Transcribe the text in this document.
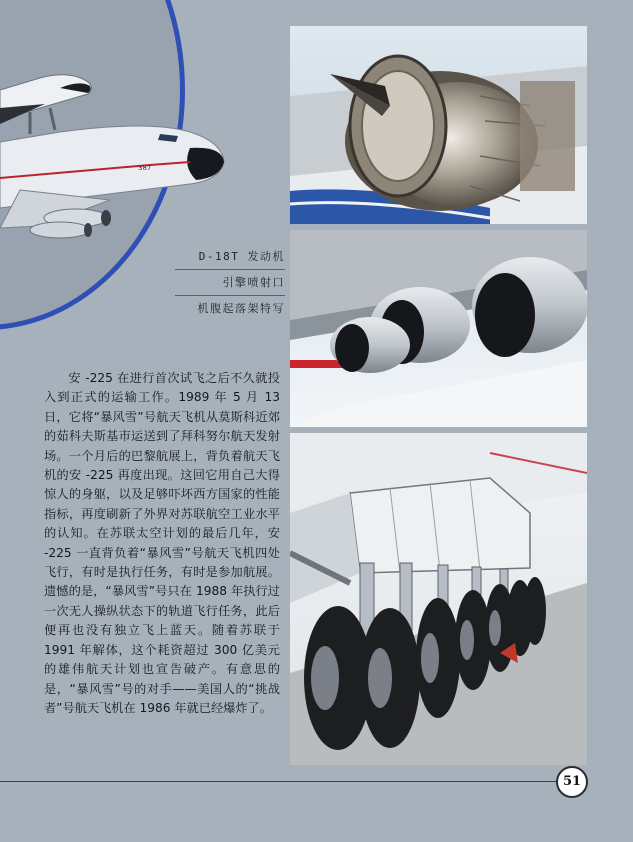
387
D-18T 发动机
引擎喷射口
机腹起落架特写

安 -225 在进行首次试飞之后不久就投入到正式的运输工作。1989 年 5 月 13 日，它将“暴风雪”号航天飞机从莫斯科近郊的茹科夫斯基市运送到了拜科努尔航天发射场。一个月后的巴黎航展上，背负着航天飞机的安 -225 再度出现。这回它用自己大得惊人的身躯，以及足够吓坏西方国家的性能指标，再度刷新了外界对苏联航空工业水平的认知。在苏联太空计划的最后几年，安 -225 一直背负着“暴风雪”号航天飞机四处飞行，有时是执行任务，有时是参加航展。遗憾的是，“暴风雪”号只在 1988 年执行过一次无人操纵状态下的轨道飞行任务，此后便再也没有独立飞上蓝天。随着苏联于 1991 年解体，这个耗资超过 300 亿美元的雄伟航天计划也宣告破产。有意思的是，“暴风雪”号的对手——美国人的“挑战者”号航天飞机在 1986 年就已经爆炸了。

51
